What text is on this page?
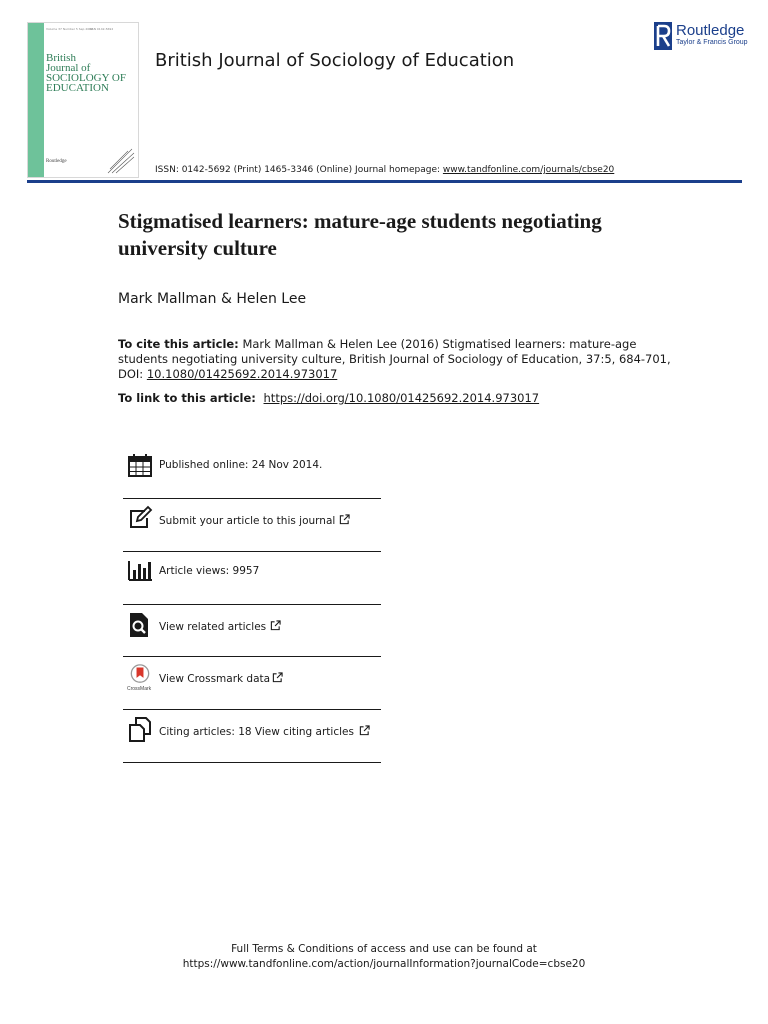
Volume 37 Number 5 Sep 2016
ISSN 0142-5692
British
Journal of
SOCIOLOGY OF
EDUCATION
Routledge
British Journal of Sociology of Education
Routledge
Taylor & Francis Group
ISSN: 0142-5692 (Print) 1465-3346 (Online) Journal homepage: www.tandfonline.com/journals/cbse20
Stigmatised learners: mature-age students negotiating university culture
Mark Mallman & Helen Lee
To cite this article: Mark Mallman & Helen Lee (2016) Stigmatised learners: mature-age students negotiating university culture, British Journal of Sociology of Education, 37:5, 684-701, DOI: 10.1080/01425692.2014.973017
To link to this article:  https://doi.org/10.1080/01425692.2014.973017
Published online: 24 Nov 2014.
Submit your article to this journal
Article views: 9957
View related articles
CrossMark
View Crossmark data
Citing articles: 18 View citing articles
Full Terms & Conditions of access and use can be found at
https://www.tandfonline.com/action/journalInformation?journalCode=cbse20
